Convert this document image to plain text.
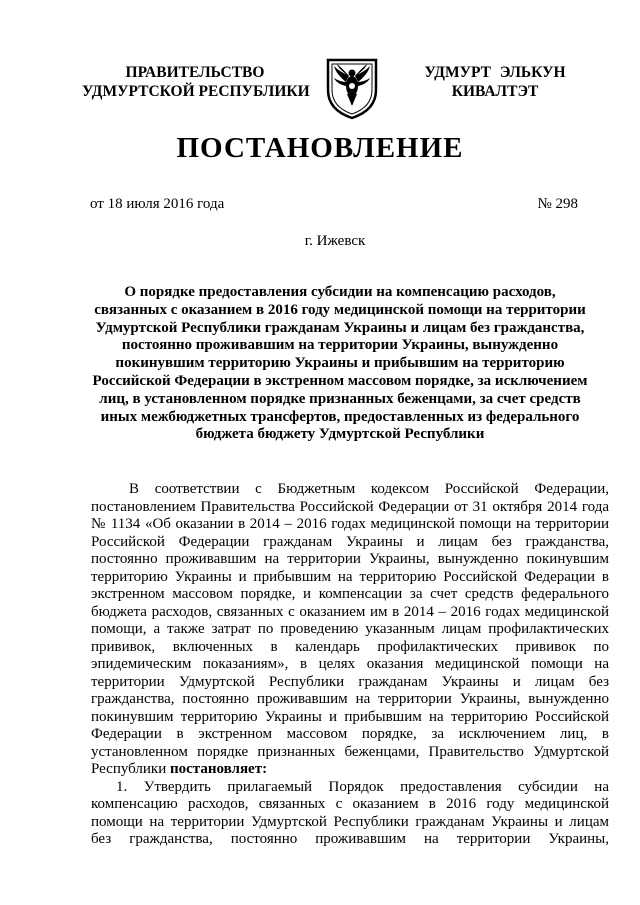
ПРАВИТЕЛЬСТВО
УДМУРТСКОЙ РЕСПУБЛИКИ
УДМУРТ ЭЛЬКУН
КИВАЛТЭТ
ПОСТАНОВЛЕНИЕ
от 18 июля 2016 года	№ 298
г. Ижевск
О порядке предоставления субсидии на компенсацию расходов,
связанных с оказанием в 2016 году медицинской помощи на территории
Удмуртской Республики гражданам Украины и лицам без гражданства,
постоянно проживавшим на территории Украины, вынужденно
покинувшим территорию Украины и прибывшим на территорию
Российской Федерации в экстренном массовом порядке, за исключением
лиц, в установленном порядке признанных беженцами, за счет средств
иных межбюджетных трансфертов, предоставленных из федерального
бюджета бюджету Удмуртской Республики
В соответствии с Бюджетным кодексом Российской Федерации,
постановлением Правительства Российской Федерации от 31 октября 2014 года
№ 1134 «Об оказании в 2014 – 2016 годах медицинской помощи на территории
Российской Федерации гражданам Украины и лицам без гражданства,
постоянно проживавшим на территории Украины, вынужденно покинувшим
территорию Украины и прибывшим на территорию Российской Федерации в
экстренном массовом порядке, и компенсации за счет средств федерального
бюджета расходов, связанных с оказанием им в 2014 – 2016 годах медицинской
помощи, а также затрат по проведению указанным лицам профилактических
прививок, включенных в календарь профилактических прививок по
эпидемическим показаниям», в целях оказания медицинской помощи на
территории Удмуртской Республики гражданам Украины и лицам без
гражданства, постоянно проживавшим на территории Украины, вынужденно
покинувшим территорию Украины и прибывшим на территорию Российской
Федерации в экстренном массовом порядке, за исключением лиц, в
установленном порядке признанных беженцами, Правительство Удмуртской
Республики постановляет:
1. Утвердить прилагаемый Порядок предоставления субсидии на
компенсацию расходов, связанных с оказанием в 2016 году медицинской
помощи на территории Удмуртской Республики гражданам Украины и лицам
без гражданства, постоянно проживавшим на территории Украины,
